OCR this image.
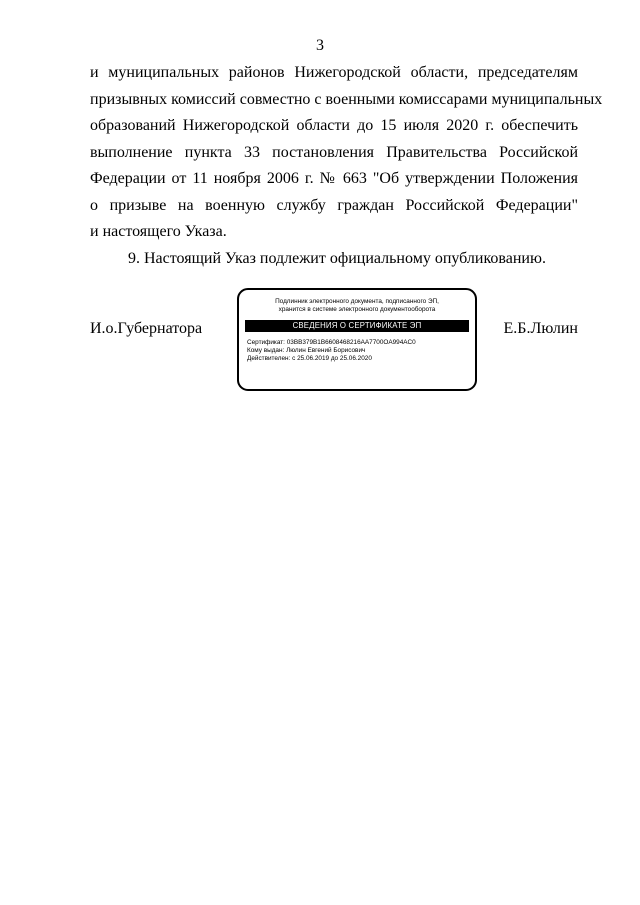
3
и муниципальных районов Нижегородской области, председателям
призывных комиссий совместно с военными комиссарами муниципальных
образований Нижегородской области до 15 июля 2020 г. обеспечить
выполнение пункта 33 постановления Правительства Российской
Федерации от 11 ноября 2006 г. № 663 "Об утверждении Положения
о призыве на военную службу граждан Российской Федерации"
и настоящего Указа.
9. Настоящий Указ подлежит официальному опубликованию.
И.о.Губернатора
Подлинник электронного документа, подписанного ЭП,
хранится в системе электронного документооборота
СВЕДЕНИЯ О СЕРТИФИКАТЕ ЭП
Сертификат: 03BB379B1B6608468216AA7700OA994AC0
Кому выдан: Люлин Евгений Борисович
Действителен: с 25.06.2019 до 25.06.2020
Е.Б.Люлин
